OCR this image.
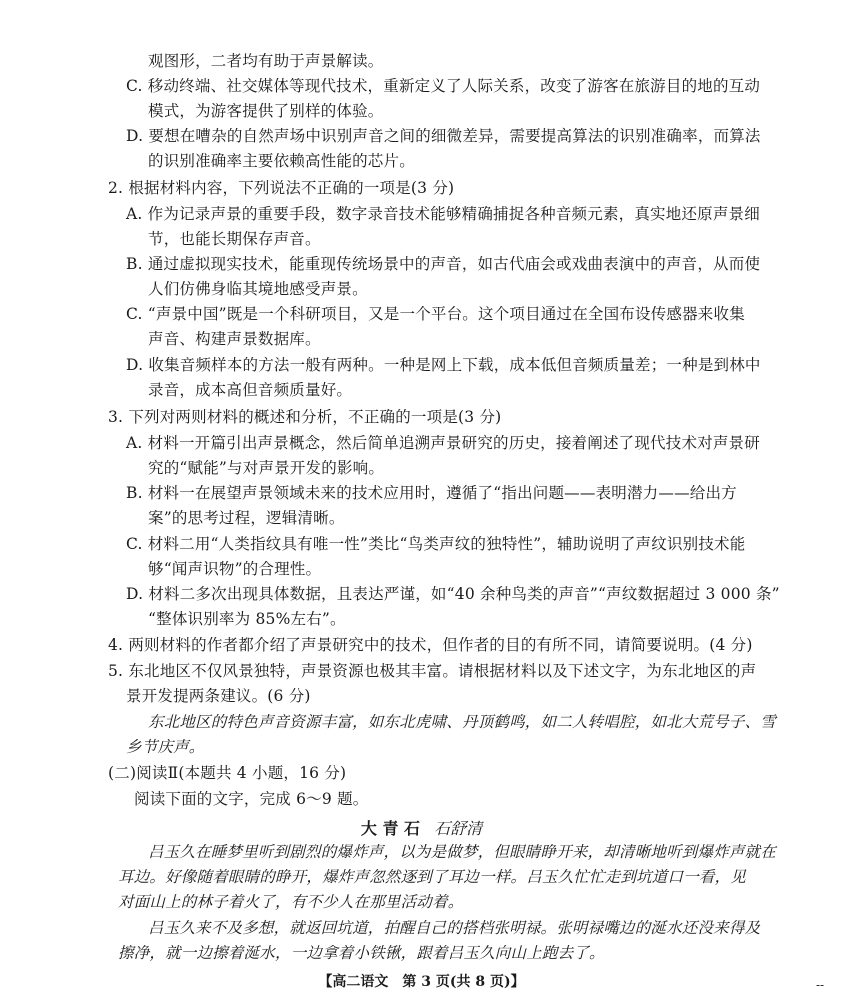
观图形，二者均有助于声景解读。
C. 移动终端、社交媒体等现代技术，重新定义了人际关系，改变了游客在旅游目的地的互动
模式，为游客提供了别样的体验。
D. 要想在嘈杂的自然声场中识别声音之间的细微差异，需要提高算法的识别准确率，而算法
的识别准确率主要依赖高性能的芯片。
2. 根据材料内容，下列说法不正确的一项是(3 分)
A. 作为记录声景的重要手段，数字录音技术能够精确捕捉各种音频元素，真实地还原声景细
节，也能长期保存声音。
B. 通过虚拟现实技术，能重现传统场景中的声音，如古代庙会或戏曲表演中的声音，从而使
人们仿佛身临其境地感受声景。
C. “声景中国”既是一个科研项目，又是一个平台。这个项目通过在全国布设传感器来收集
声音、构建声景数据库。
D. 收集音频样本的方法一般有两种。一种是网上下载，成本低但音频质量差；一种是到林中
录音，成本高但音频质量好。
3. 下列对两则材料的概述和分析，不正确的一项是(3 分)
A. 材料一开篇引出声景概念，然后简单追溯声景研究的历史，接着阐述了现代技术对声景研
究的“赋能”与对声景开发的影响。
B. 材料一在展望声景领域未来的技术应用时，遵循了“指出问题——表明潜力——给出方
案”的思考过程，逻辑清晰。
C. 材料二用“人类指纹具有唯一性”类比“鸟类声纹的独特性”，辅助说明了声纹识别技术能
够“闻声识物”的合理性。
D. 材料二多次出现具体数据，且表达严谨，如“40 余种鸟类的声音”“声纹数据超过 3 000 条”
“整体识别率为 85%左右”。
4. 两则材料的作者都介绍了声景研究中的技术，但作者的目的有所不同，请简要说明。(4 分)
5. 东北地区不仅风景独特，声景资源也极其丰富。请根据材料以及下述文字，为东北地区的声
景开发提两条建议。(6 分)
东北地区的特色声音资源丰富，如东北虎啸、丹顶鹤鸣，如二人转唱腔，如北大荒号子、雪
乡节庆声。
(二)阅读Ⅱ(本题共 4 小题，16 分)
阅读下面的文字，完成 6～9 题。
大 青 石 石舒清
吕玉久在睡梦里听到剧烈的爆炸声，以为是做梦，但眼睛睁开来，却清晰地听到爆炸声就在
耳边。好像随着眼睛的睁开，爆炸声忽然逐到了耳边一样。吕玉久忙忙走到坑道口一看，见
对面山上的林子着火了，有不少人在那里活动着。
吕玉久来不及多想，就返回坑道，拍醒自己的搭档张明禄。张明禄嘴边的涎水还没来得及
擦净，就一边擦着涎水，一边拿着小铁锹，跟着吕玉久向山上跑去了。
【高二语文　第 3 页(共 8 页)】	--
